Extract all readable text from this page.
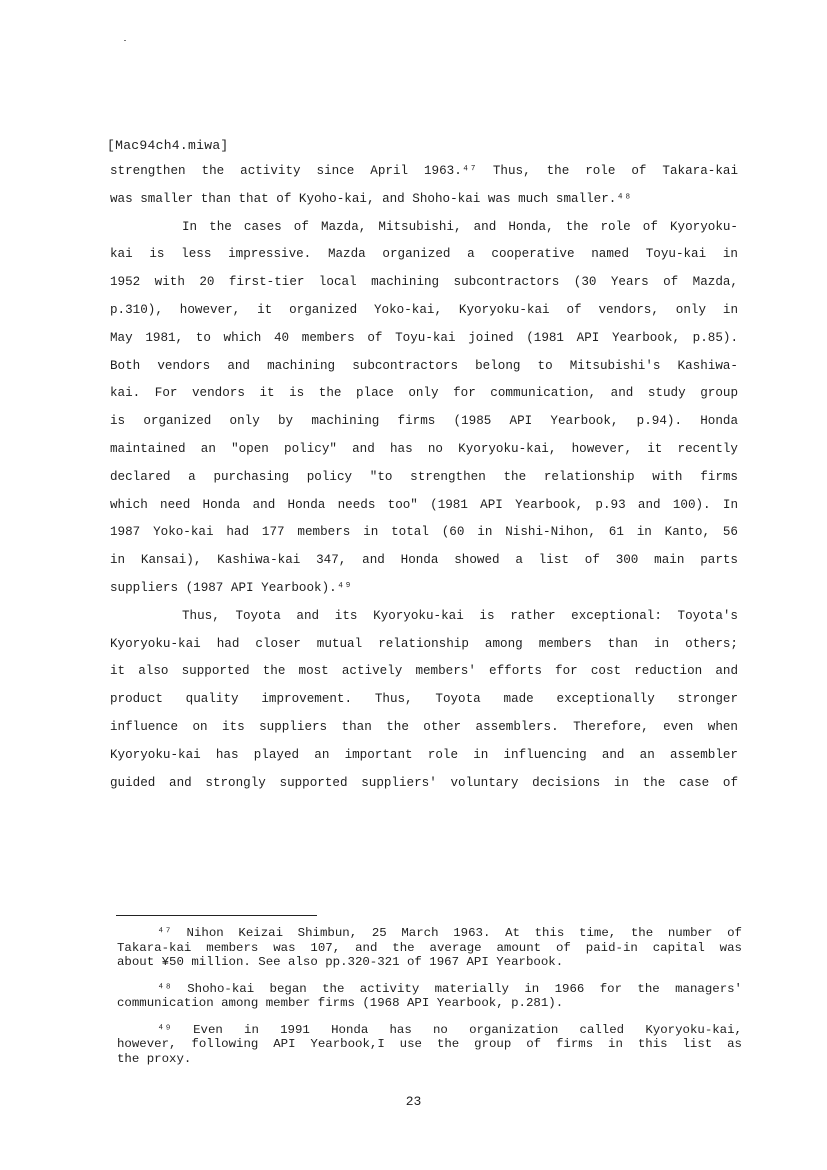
[Mac94ch4.miwa]
strengthen the activity since April 1963.⁴⁷ Thus, the role of Takara-kai
was smaller than that of Kyoho-kai, and Shoho-kai was much smaller.⁴⁸
In the cases of Mazda, Mitsubishi, and Honda, the role of Kyoryoku-
kai is less impressive. Mazda organized a cooperative named Toyu-kai in
1952 with 20 first-tier local machining subcontractors (30 Years of Mazda,
p.310), however, it organized Yoko-kai, Kyoryoku-kai of vendors, only in
May 1981, to which 40 members of Toyu-kai joined (1981 API Yearbook, p.85).
Both vendors and machining subcontractors belong to Mitsubishi's Kashiwa-
kai. For vendors it is the place only for communication, and study group
is organized only by machining firms (1985 API Yearbook, p.94). Honda
maintained an "open policy" and has no Kyoryoku-kai, however, it recently
declared a purchasing policy "to strengthen the relationship with firms
which need Honda and Honda needs too" (1981 API Yearbook, p.93 and 100). In
1987 Yoko-kai had 177 members in total (60 in Nishi-Nihon, 61 in Kanto, 56
in Kansai), Kashiwa-kai 347, and Honda showed a list of 300 main parts
suppliers (1987 API Yearbook).⁴⁹
Thus, Toyota and its Kyoryoku-kai is rather exceptional: Toyota's
Kyoryoku-kai had closer mutual relationship among members than in others;
it also supported the most actively members' efforts for cost reduction and
product quality improvement. Thus, Toyota made exceptionally stronger
influence on its suppliers than the other assemblers. Therefore, even when
Kyoryoku-kai has played an important role in influencing and an assembler
guided and strongly supported suppliers' voluntary decisions in the case of
⁴⁷ Nihon Keizai Shimbun, 25 March 1963. At this time, the number of
Takara-kai members was 107, and the average amount of paid-in capital was
about ¥50 million. See also pp.320-321 of 1967 API Yearbook.
⁴⁸ Shoho-kai began the activity materially in 1966 for the managers'
communication among member firms (1968 API Yearbook, p.281).
⁴⁹ Even in 1991 Honda has no organization called Kyoryoku-kai,
however, following API Yearbook,I use the group of firms in this list as
the proxy.
23
